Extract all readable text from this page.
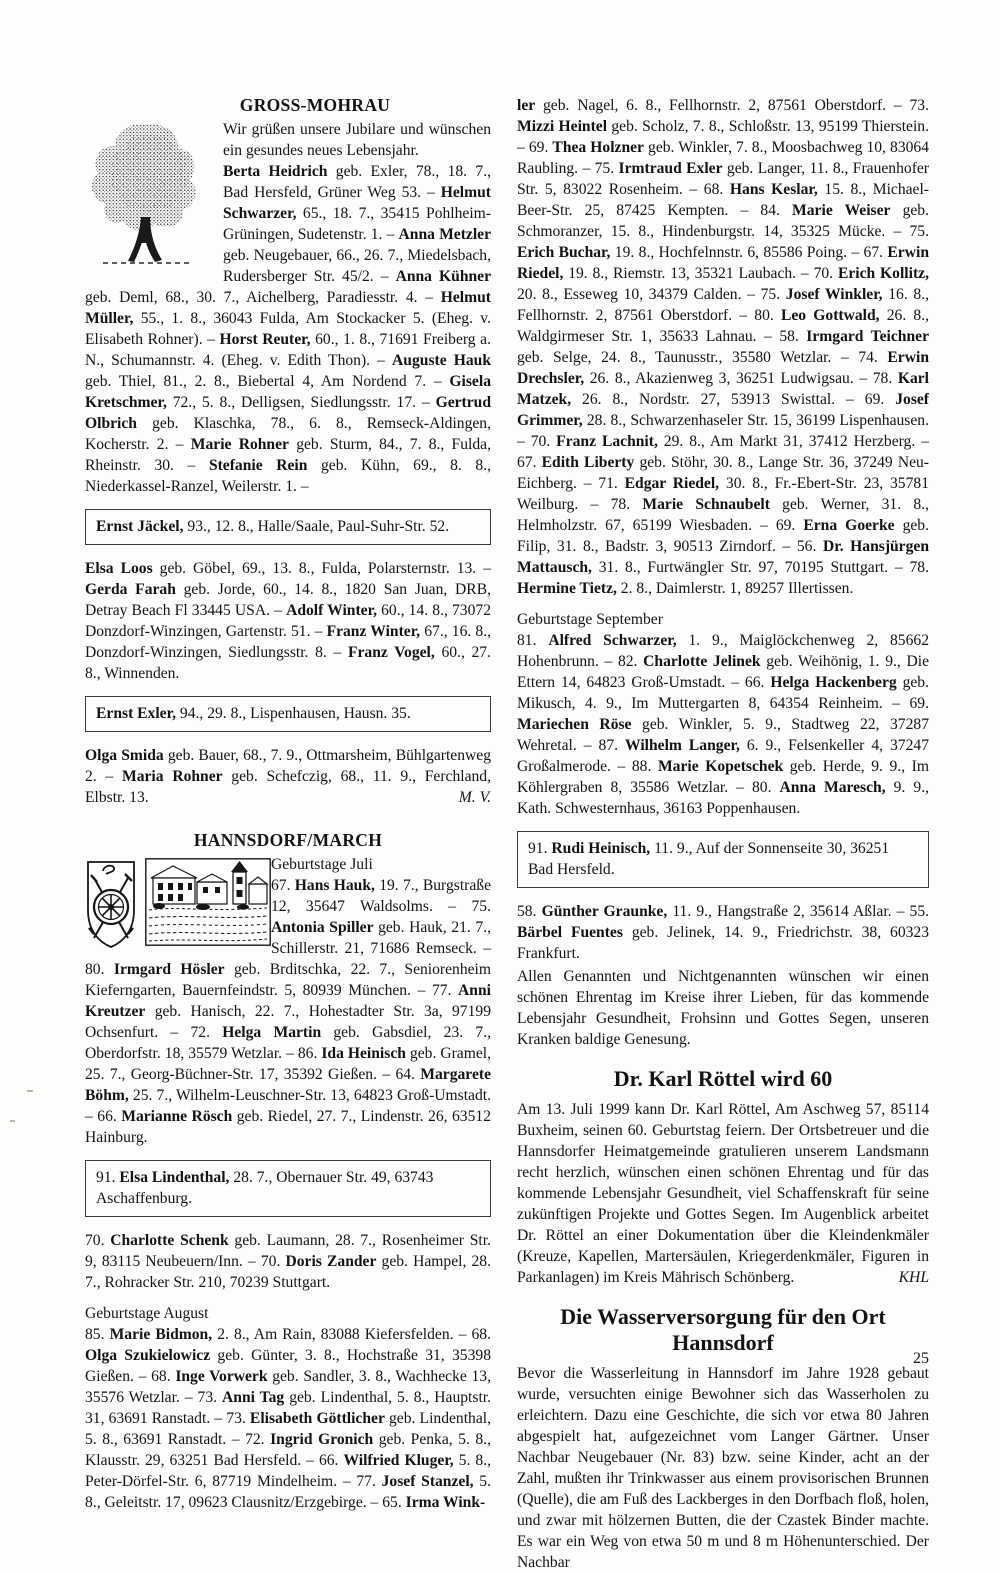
GROSS-MOHRAU

Wir grüßen unsere Jubilare und wünschen ein gesundes neues Lebensjahr.
Berta Heidrich geb. Exler, 78., 18. 7., Bad Hersfeld, Grüner Weg 53. – Helmut Schwarzer, 65., 18. 7., 35415 Pohlheim-Grüningen, Sudetenstr. 1. – Anna Metzler geb. Neugebauer, 66., 26. 7., Miedelsbach, Rudersberger Str. 45/2. – Anna Kühner geb. Deml, 68., 30. 7., Aichelberg, Paradiesstr. 4. – Helmut Müller, 55., 1. 8., 36043 Fulda, Am Stockacker 5. (Eheg. v. Elisabeth Rohner). – Horst Reuter, 60., 1. 8., 71691 Freiberg a. N., Schumannstr. 4. (Eheg. v. Edith Thon). – Auguste Hauk geb. Thiel, 81., 2. 8., Biebertal 4, Am Nordend 7. – Gisela Kretschmer, 72., 5. 8., Delligsen, Siedlungsstr. 17. – Gertrud Olbrich geb. Klaschka, 78., 6. 8., Remseck-Aldingen, Kocherstr. 2. – Marie Rohner geb. Sturm, 84., 7. 8., Fulda, Rheinstr. 30. – Stefanie Rein geb. Kühn, 69., 8. 8., Niederkassel-Ranzel, Weilerstr. 1. –

Ernst Jäckel, 93., 12. 8., Halle/Saale, Paul-Suhr-Str. 52.

Elsa Loos geb. Göbel, 69., 13. 8., Fulda, Polarsternstr. 13. – Gerda Farah geb. Jorde, 60., 14. 8., 1820 San Juan, DRB, Detray Beach Fl 33445 USA. – Adolf Winter, 60., 14. 8., 73072 Donzdorf-Winzingen, Gartenstr. 51. – Franz Winter, 67., 16. 8., Donzdorf-Winzingen, Siedlungsstr. 8. – Franz Vogel, 60., 27. 8., Winnenden.

Ernst Exler, 94., 29. 8., Lispenhausen, Hausn. 35.

Olga Smida geb. Bauer, 68., 7. 9., Ottmarsheim, Bühlgartenweg 2. – Maria Rohner geb. Schefczig, 68., 11. 9., Ferchland, Elbstr. 13.	M. V.
HANNSDORF/MARCH

Geburtstage Juli

67. Hans Hauk, 19. 7., Burgstraße 12, 35647 Waldsolms. – 75. Antonia Spiller geb. Hauk, 21. 7., Schillerstr. 21, 71686 Remseck. – 80. Irmgard Hösler geb. Brditschka, 22. 7., Seniorenheim Kieferngarten, Bauernfeindstr. 5, 80939 München. – 77. Anni Kreutzer geb. Hanisch, 22. 7., Hohestadter Str. 3a, 97199 Ochsenfurt. – 72. Helga Martin geb. Gabsdiel, 23. 7., Oberdorfstr. 18, 35579 Wetzlar. – 86. Ida Heinisch geb. Gramel, 25. 7., Georg-Büchner-Str. 17, 35392 Gießen. – 64. Margarete Böhm, 25. 7., Wilhelm-Leuschner-Str. 13, 64823 Groß-Umstadt. – 66. Marianne Rösch geb. Riedel, 27. 7., Lindenstr. 26, 63512 Hainburg.

91. Elsa Lindenthal, 28. 7., Obernauer Str. 49, 63743 Aschaffenburg.

70. Charlotte Schenk geb. Laumann, 28. 7., Rosenheimer Str. 9, 83115 Neubeuern/Inn. – 70. Doris Zander geb. Hampel, 28. 7., Rohracker Str. 210, 70239 Stuttgart.

Geburtstage August

85. Marie Bidmon, 2. 8., Am Rain, 83088 Kiefersfelden. – 68. Olga Szukielowicz geb. Günter, 3. 8., Hochstraße 31, 35398 Gießen. – 68. Inge Vorwerk geb. Sandler, 3. 8., Wachhecke 13, 35576 Wetzlar. – 73. Anni Tag geb. Lindenthal, 5. 8., Hauptstr. 31, 63691 Ranstadt. – 73. Elisabeth Göttlicher geb. Lindenthal, 5. 8., 63691 Ranstadt. – 72. Ingrid Gronich geb. Penka, 5. 8., Klausstr. 29, 63251 Bad Hersfeld. – 66. Wilfried Kluger, 5. 8., Peter-Dörfel-Str. 6, 87719 Mindelheim. – 77. Josef Stanzel, 5. 8., Geleitstr. 17, 09623 Clausnitz/Erzgebirge. – 65. Irma Wink-

ler geb. Nagel, 6. 8., Fellhornstr. 2, 87561 Oberstdorf. – 73. Mizzi Heintel geb. Scholz, 7. 8., Schloßstr. 13, 95199 Thierstein. – 69. Thea Holzner geb. Winkler, 7. 8., Moosbachweg 10, 83064 Raubling. – 75. Irmtraud Exler geb. Langer, 11. 8., Frauenhofer Str. 5, 83022 Rosenheim. – 68. Hans Keslar, 15. 8., Michael-Beer-Str. 25, 87425 Kempten. – 84. Marie Weiser geb. Schmoranzer, 15. 8., Hindenburgstr. 14, 35325 Mücke. – 75. Erich Buchar, 19. 8., Hochfelnnstr. 6, 85586 Poing. – 67. Erwin Riedel, 19. 8., Riemstr. 13, 35321 Laubach. – 70. Erich Kollitz, 20. 8., Esseweg 10, 34379 Calden. – 75. Josef Winkler, 16. 8., Fellhornstr. 2, 87561 Oberstdorf. – 80. Leo Gottwald, 26. 8., Waldgirmeser Str. 1, 35633 Lahnau. – 58. Irmgard Teichner geb. Selge, 24. 8., Taunusstr., 35580 Wetzlar. – 74. Erwin Drechsler, 26. 8., Akazienweg 3, 36251 Ludwigsau. – 78. Karl Matzek, 26. 8., Nordstr. 27, 53913 Swisttal. – 69. Josef Grimmer, 28. 8., Schwarzenhaseler Str. 15, 36199 Lispenhausen. – 70. Franz Lachnit, 29. 8., Am Markt 31, 37412 Herzberg. – 67. Edith Liberty geb. Stöhr, 30. 8., Lange Str. 36, 37249 Neu-Eichberg. – 71. Edgar Riedel, 30. 8., Fr.-Ebert-Str. 23, 35781 Weilburg. – 78. Marie Schnaubelt geb. Werner, 31. 8., Helmholzstr. 67, 65199 Wiesbaden. – 69. Erna Goerke geb. Filip, 31. 8., Badstr. 3, 90513 Zirndorf. – 56. Dr. Hansjürgen Mattausch, 31. 8., Furtwängler Str. 97, 70195 Stuttgart. – 78. Hermine Tietz, 2. 8., Daimlerstr. 1, 89257 Illertissen.

Geburtstage September

81. Alfred Schwarzer, 1. 9., Maiglöckchenweg 2, 85662 Hohenbrunn. – 82. Charlotte Jelinek geb. Weihönig, 1. 9., Die Ettern 14, 64823 Groß-Umstadt. – 66. Helga Hackenberg geb. Mikusch, 4. 9., Im Muttergarten 8, 64354 Reinheim. – 69. Mariechen Röse geb. Winkler, 5. 9., Stadtweg 22, 37287 Wehretal. – 87. Wilhelm Langer, 6. 9., Felsenkeller 4, 37247 Großalmerode. – 88. Marie Kopetschek geb. Herde, 9. 9., Im Köhlergraben 8, 35586 Wetzlar. – 80. Anna Maresch, 9. 9., Kath. Schwesternhaus, 36163 Poppenhausen.

91. Rudi Heinisch, 11. 9., Auf der Sonnenseite 30, 36251 Bad Hersfeld.

58. Günther Graunke, 11. 9., Hangstraße 2, 35614 Aßlar. – 55. Bärbel Fuentes geb. Jelinek, 14. 9., Friedrichstr. 38, 60323 Frankfurt.

Allen Genannten und Nichtgenannten wünschen wir einen schönen Ehrentag im Kreise ihrer Lieben, für das kommende Lebensjahr Gesundheit, Frohsinn und Gottes Segen, unseren Kranken baldige Genesung.

Dr. Karl Röttel wird 60

Am 13. Juli 1999 kann Dr. Karl Röttel, Am Aschweg 57, 85114 Buxheim, seinen 60. Geburtstag feiern. Der Ortsbetreuer und die Hannsdorfer Heimatgemeinde gratulieren unserem Landsmann recht herzlich, wünschen einen schönen Ehrentag und für das kommende Lebensjahr Gesundheit, viel Schaffenskraft für seine zukünftigen Projekte und Gottes Segen. Im Augenblick arbeitet Dr. Röttel an einer Dokumentation über die Kleindenkmäler (Kreuze, Kapellen, Martersäulen, Kriegerdenkmäler, Figuren in Parkanlagen) im Kreis Mährisch Schönberg.	KHL
Die Wasserversorgung für den Ort Hannsdorf

Bevor die Wasserleitung in Hannsdorf im Jahre 1928 gebaut wurde, versuchten einige Bewohner sich das Wasserholen zu erleichtern. Dazu eine Geschichte, die sich vor etwa 80 Jahren abgespielt hat, aufgezeichnet vom Langer Gärtner. Unser Nachbar Neugebauer (Nr. 83) bzw. seine Kinder, acht an der Zahl, mußten ihr Trinkwasser aus einem provisorischen Brunnen (Quelle), die am Fuß des Lackberges in den Dorfbach floß, holen, und zwar mit hölzernen Butten, die der Czastek Binder machte. Es war ein Weg von etwa 50 m und 8 m Höhenunterschied. Der Nachbar

25
